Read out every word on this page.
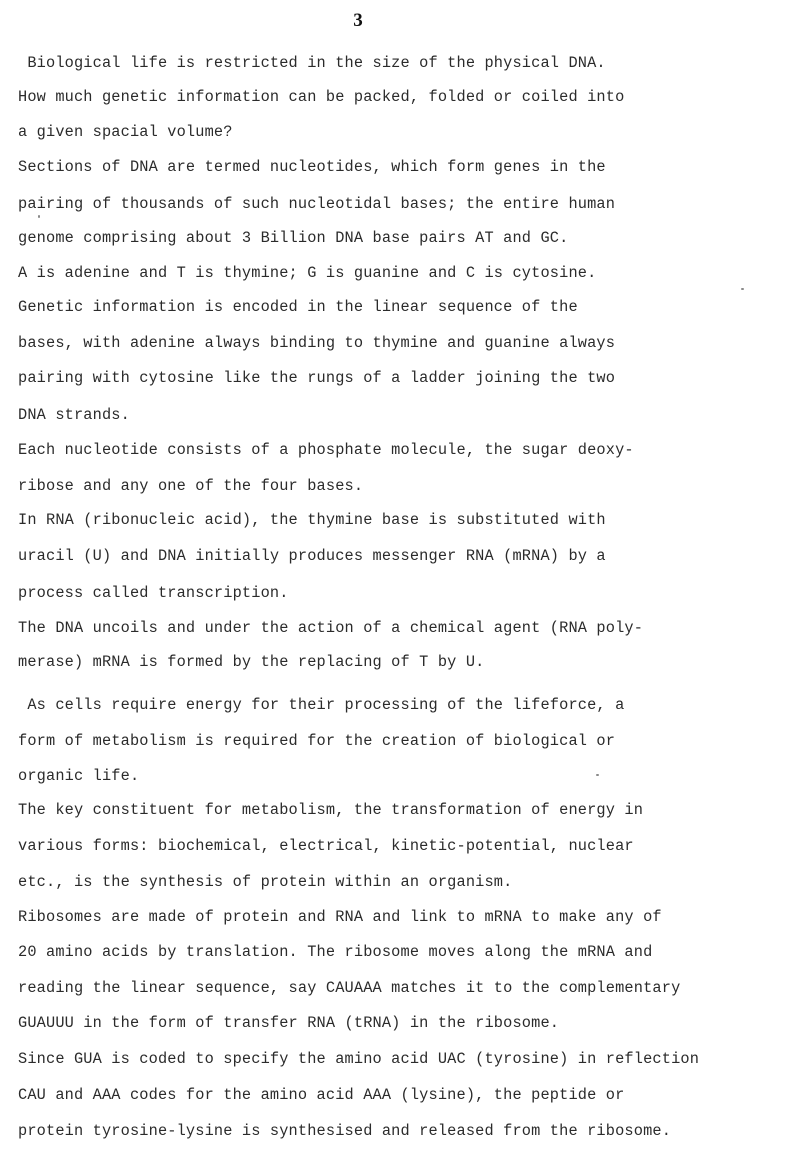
3
Biological life is restricted in the size of the physical DNA.
How much genetic information can be packed, folded or coiled into
a given spacial volume?
Sections of DNA are termed nucleotides, which form genes in the
pairing of thousands of such nucleotidal bases; the entire human
genome comprising about 3 Billion DNA base pairs AT and GC.
A is adenine and T is thymine; G is guanine and C is cytosine.
Genetic information is encoded in the linear sequence of the
bases, with adenine always binding to thymine and guanine always
pairing with cytosine like the rungs of a ladder joining the two
DNA strands.
Each nucleotide consists of a phosphate molecule, the sugar deoxy-
ribose and any one of the four bases.
In RNA (ribonucleic acid), the thymine base is substituted with
uracil (U) and DNA initially produces messenger RNA (mRNA) by a
process called transcription.
The DNA uncoils and under the action of a chemical agent (RNA poly-
merase) mRNA is formed by the replacing of T by U.
As cells require energy for their processing of the lifeforce, a
form of metabolism is required for the creation of biological or
organic life.
The key constituent for metabolism, the transformation of energy in
various forms: biochemical, electrical, kinetic-potential, nuclear
etc., is the synthesis of protein within an organism.
Ribosomes are made of protein and RNA and link to mRNA to make any of
20 amino acids by translation. The ribosome moves along the mRNA and
reading the linear sequence, say CAUAAA matches it to the complementary
GUAUUU in the form of transfer RNA (tRNA) in the ribosome.
Since GUA is coded to specify the amino acid UAC (tyrosine) in reflection
CAU and AAA codes for the amino acid AAA (lysine), the peptide or
protein tyrosine-lysine is synthesised and released from the ribosome.
